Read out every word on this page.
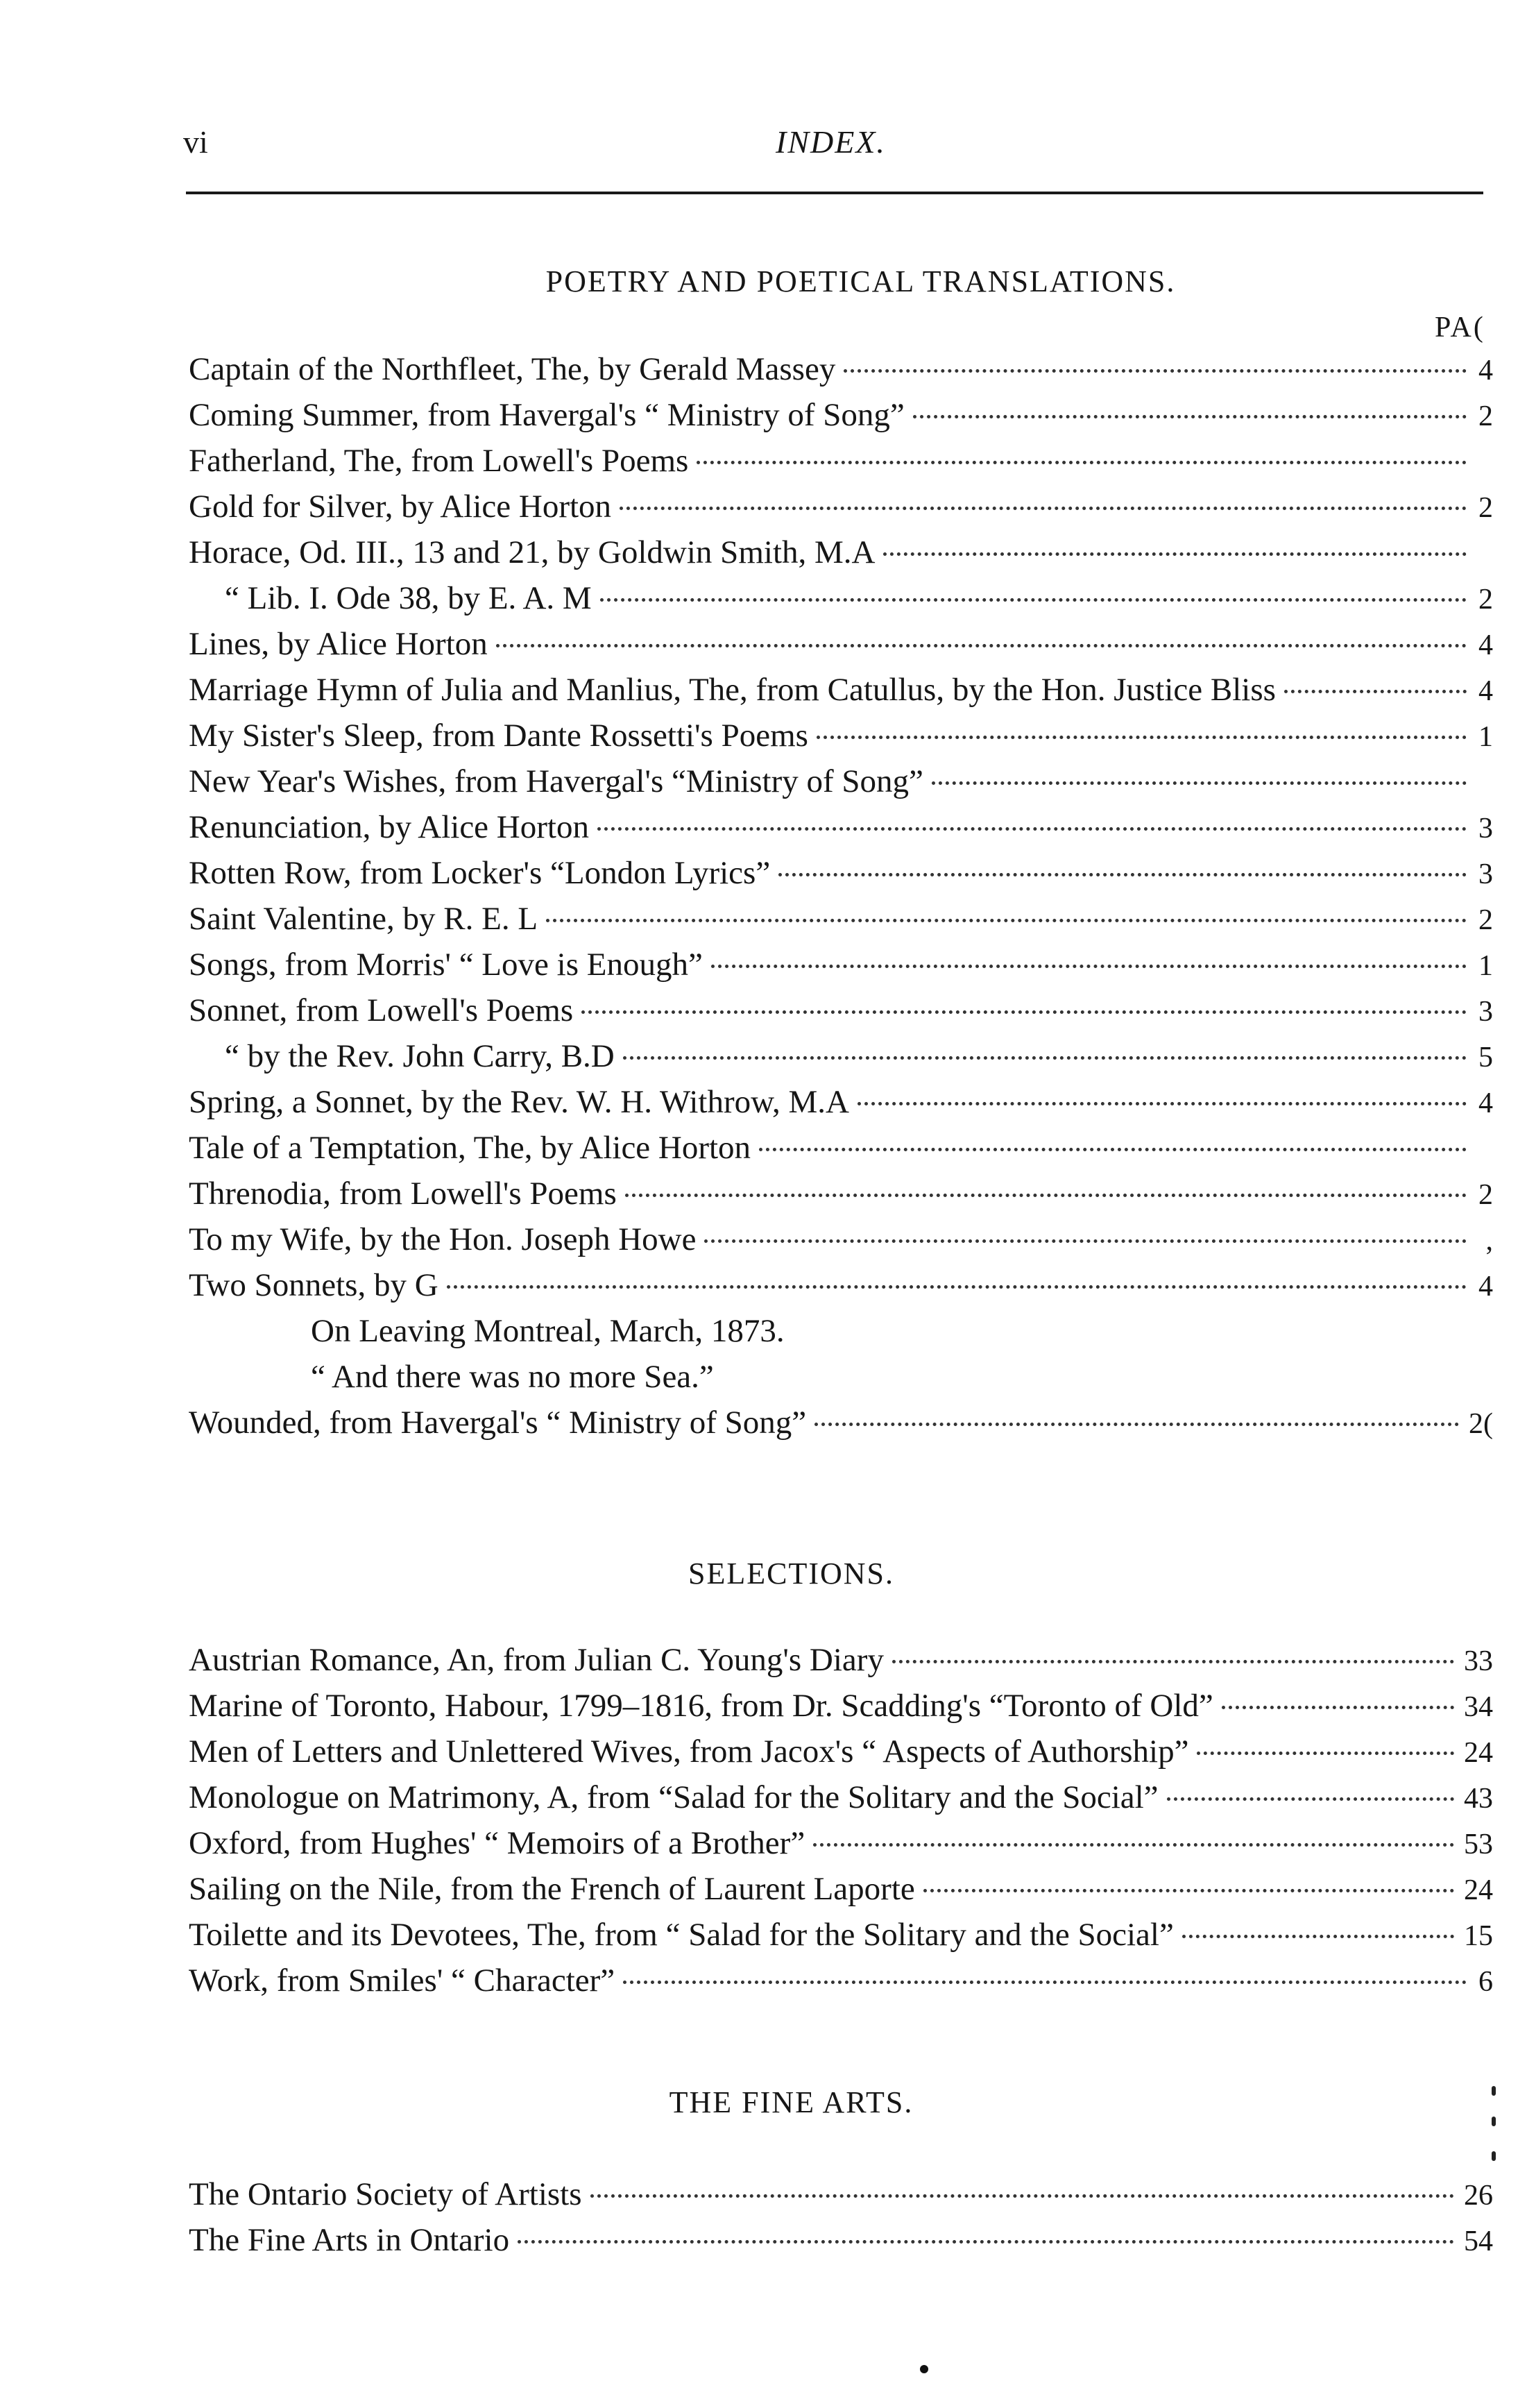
vi	INDEX.
POETRY AND POETICAL TRANSLATIONS.
PA(
Captain of the Northfleet, The, by Gerald Massey	4
Coming Summer, from Havergal's “ Ministry of Song”	2
Fatherland, The, from Lowell's Poems
Gold for Silver, by Alice Horton	2
Horace, Od. III., 13 and 21, by Goldwin Smith, M.A
“ Lib. I. Ode 38, by E. A. M	2
Lines, by Alice Horton	4
Marriage Hymn of Julia and Manlius, The, from Catullus, by the Hon. Justice Bliss	4
My Sister's Sleep, from Dante Rossetti's Poems	1
New Year's Wishes, from Havergal's “Ministry of Song”
Renunciation, by Alice Horton	3
Rotten Row, from Locker's “London Lyrics”	3
Saint Valentine, by R. E. L	2
Songs, from Morris' “ Love is Enough”	1
Sonnet, from Lowell's Poems	3
“ by the Rev. John Carry, B.D	5
Spring, a Sonnet, by the Rev. W. H. Withrow, M.A	4
Tale of a Temptation, The, by Alice Horton
Threnodia, from Lowell's Poems	2
To my Wife, by the Hon. Joseph Howe	,
Two Sonnets, by G	4
On Leaving Montreal, March, 1873.
“ And there was no more Sea.”
Wounded, from Havergal's “ Ministry of Song”	2(
SELECTIONS.
Austrian Romance, An, from Julian C. Young's Diary	33
Marine of Toronto, Habour, 1799–1816, from Dr. Scadding's “Toronto of Old”	34
Men of Letters and Unlettered Wives, from Jacox's “ Aspects of Authorship”	24
Monologue on Matrimony, A, from “Salad for the Solitary and the Social”	43
Oxford, from Hughes' “ Memoirs of a Brother”	53
Sailing on the Nile, from the French of Laurent Laporte	24
Toilette and its Devotees, The, from “ Salad for the Solitary and the Social”	15
Work, from Smiles' “ Character”	6
THE FINE ARTS.
The Ontario Society of Artists	26
The Fine Arts in Ontario	54
